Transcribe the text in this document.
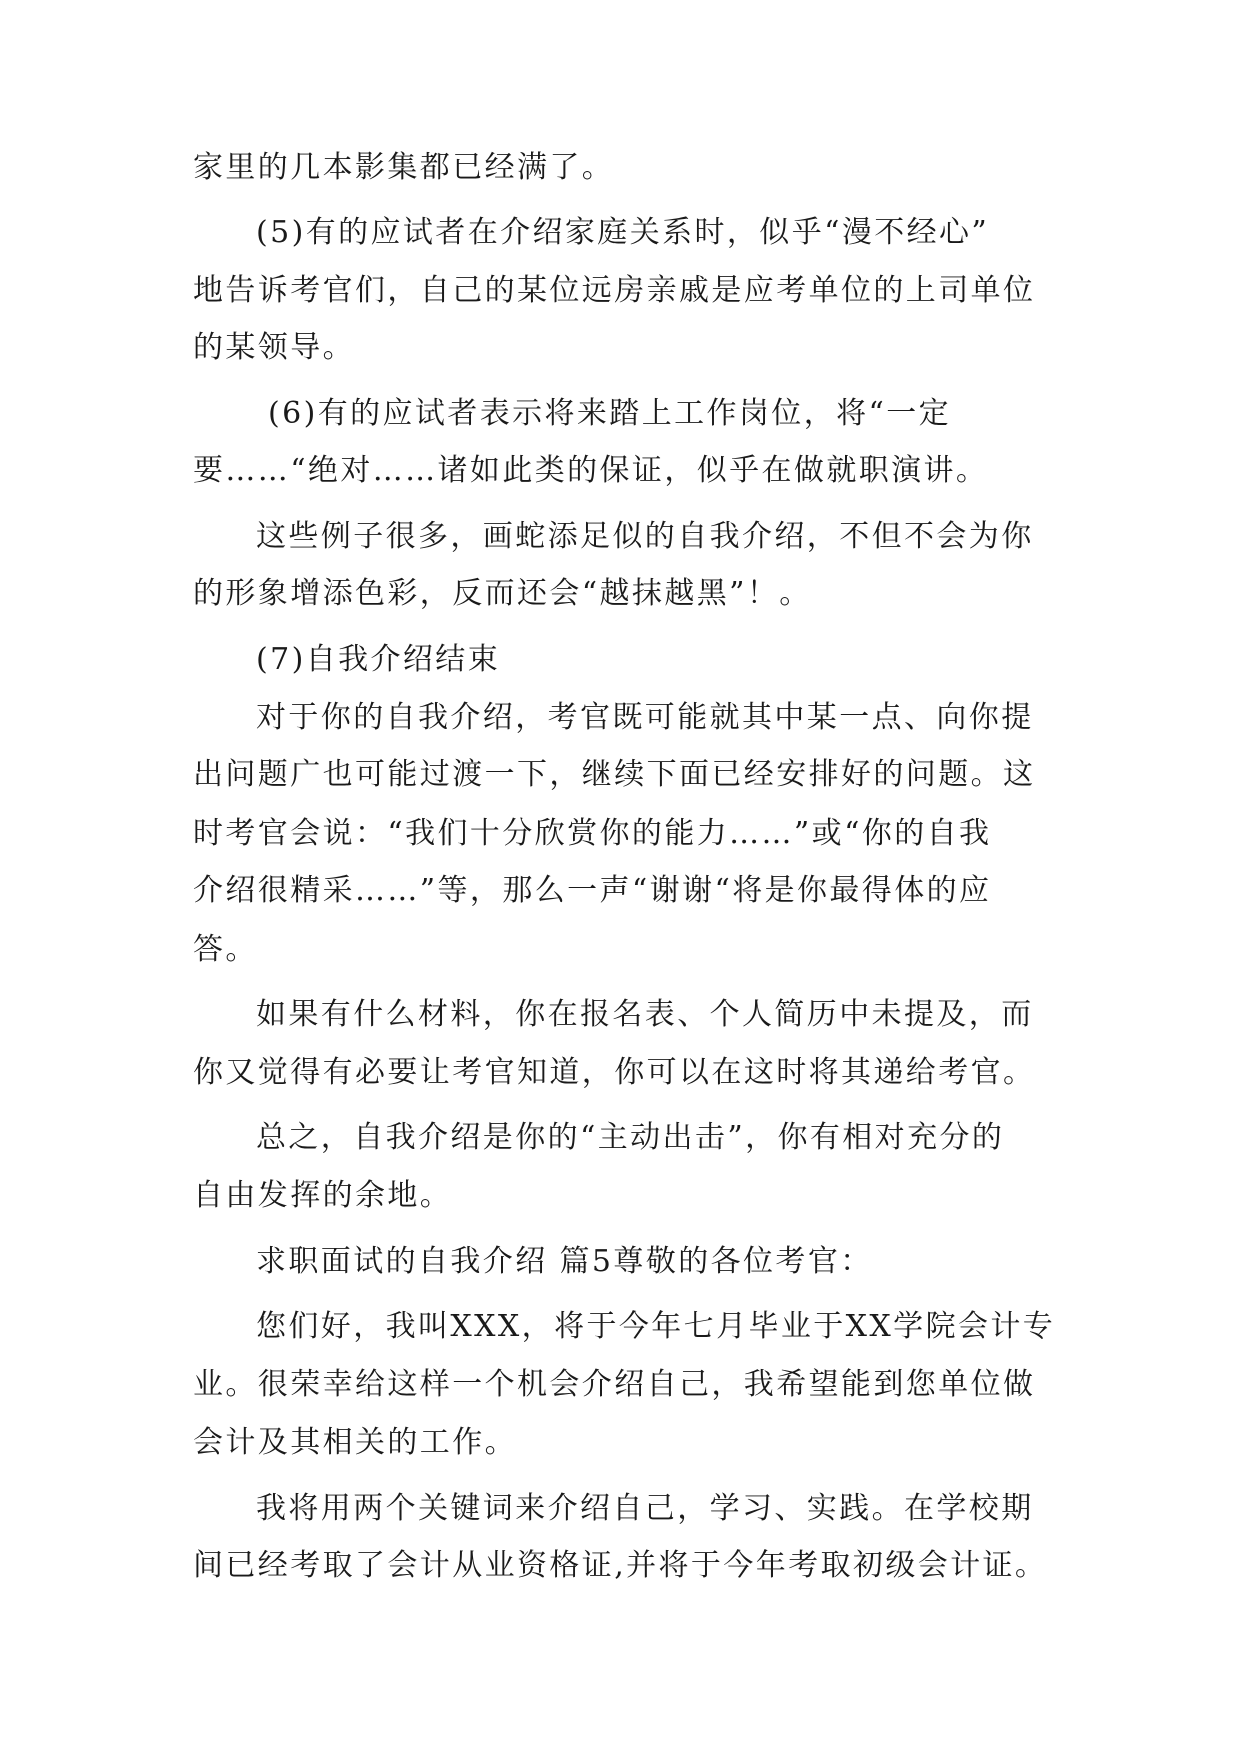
家里的几本影集都已经满了。
(5)有的应试者在介绍家庭关系时，似乎“漫不经心”
地告诉考官们，自己的某位远房亲戚是应考单位的上司单位
的某领导。
(6)有的应试者表示将来踏上工作岗位，将“一定
要……“绝对……诸如此类的保证，似乎在做就职演讲。
这些例子很多，画蛇添足似的自我介绍，不但不会为你
的形象增添色彩，反而还会“越抹越黑”！。
(7)自我介绍结束
对于你的自我介绍，考官既可能就其中某一点、向你提
出问题广也可能过渡一下，继续下面已经安排好的问题。这
时考官会说：“我们十分欣赏你的能力……”或“你的自我
介绍很精采……”等，那么一声“谢谢“将是你最得体的应
答。
如果有什么材料，你在报名表、个人简历中未提及，而
你又觉得有必要让考官知道，你可以在这时将其递给考官。
总之，自我介绍是你的“主动出击”，你有相对充分的
自由发挥的余地。
求职面试的自我介绍 篇5尊敬的各位考官：
您们好，我叫XXX，将于今年七月毕业于XX学院会计专
业。很荣幸给这样一个机会介绍自己，我希望能到您单位做
会计及其相关的工作。
我将用两个关键词来介绍自己，学习、实践。在学校期
间已经考取了会计从业资格证,并将于今年考取初级会计证。
